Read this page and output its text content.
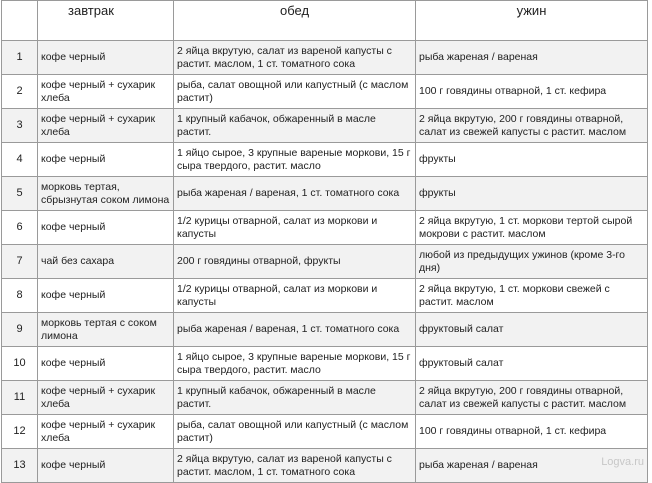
	завтрак	обед	ужин
1	кофе черный	2 яйца вкрутую, салат из вареной капусты с растит. маслом, 1 ст. томатного сока	рыба жареная / вареная
2	кофе черный + сухарик хлеба	рыба, салат овощной или капустный (с маслом растит)	100 г говядины отварной, 1 ст. кефира
3	кофе черный + сухарик хлеба	1 крупный кабачок, обжаренный в масле растит.	2 яйца вкрутую, 200 г говядины отварной, салат из свежей капусты с растит. маслом
4	кофе черный	1 яйцо сырое, 3 крупные вареные моркови, 15 г сыра твердого, растит. масло	фрукты
5	морковь тертая, сбрызнутая соком лимона	рыба жареная / вареная, 1 ст. томатного сока	фрукты
6	кофе черный	1/2 курицы отварной, салат из моркови и капусты	2 яйца вкрутую, 1 ст. моркови тертой сырой мокрови с растит. маслом
7	чай без сахара	200 г говядины отварной, фрукты	любой из предыдущих ужинов (кроме 3-го дня)
8	кофе черный	1/2 курицы отварной, салат из моркови и капусты	2 яйца вкрутую, 1 ст. моркови свежей с растит. маслом
9	морковь тертая с соком лимона	рыба жареная / вареная, 1 ст. томатного сока	фруктовый салат
10	кофе черный	1 яйцо сырое, 3 крупные вареные моркови, 15 г сыра твердого, растит. масло	фруктовый салат
11	кофе черный + сухарик хлеба	1 крупный кабачок, обжаренный в масле растит.	2 яйца вкрутую, 200 г говядины отварной, салат из свежей капусты с растит. маслом
12	кофе черный + сухарик хлеба	рыба, салат овощной или капустный (с маслом растит)	100 г говядины отварной, 1 ст. кефира
13	кофе черный	2 яйца вкрутую, салат из вареной капусты с растит. маслом, 1 ст. томатного сока	рыба жареная / вареная	Logva.ru
